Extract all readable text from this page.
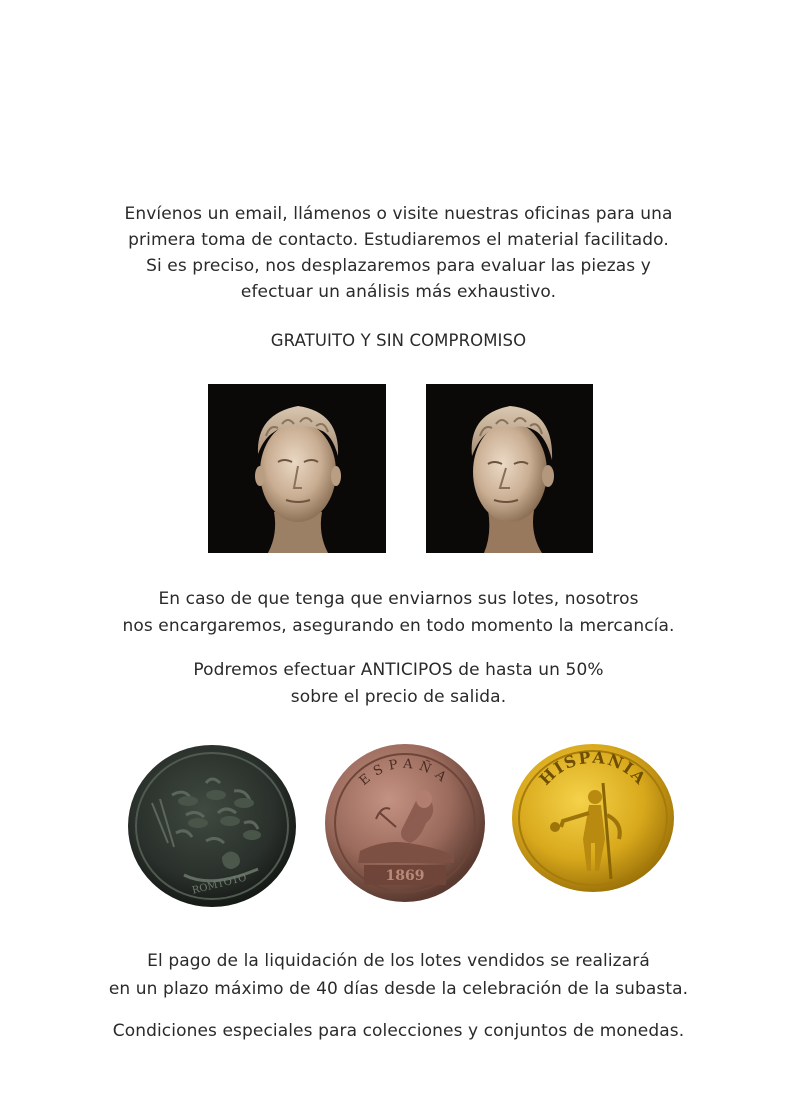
Envíenos un email, llámenos o visite nuestras oficinas para una
primera toma de contacto. Estudiaremos el material facilitado.
Si es preciso, nos desplazaremos para evaluar las piezas y
efectuar un análisis más exhaustivo.
GRATUITO Y SIN COMPROMISO
En caso de que tenga que enviarnos sus lotes, nosotros
nos encargaremos, asegurando en todo momento la mercancía.
Podremos efectuar ANTICIPOS de hasta un 50%
sobre el precio de salida.
ROMTOTO
ESPAÑA
1869
HISPANIA
El pago de la liquidación de los lotes vendidos se realizará
en un plazo máximo de 40 días desde la celebración de la subasta.
Condiciones especiales para colecciones y conjuntos de monedas.
